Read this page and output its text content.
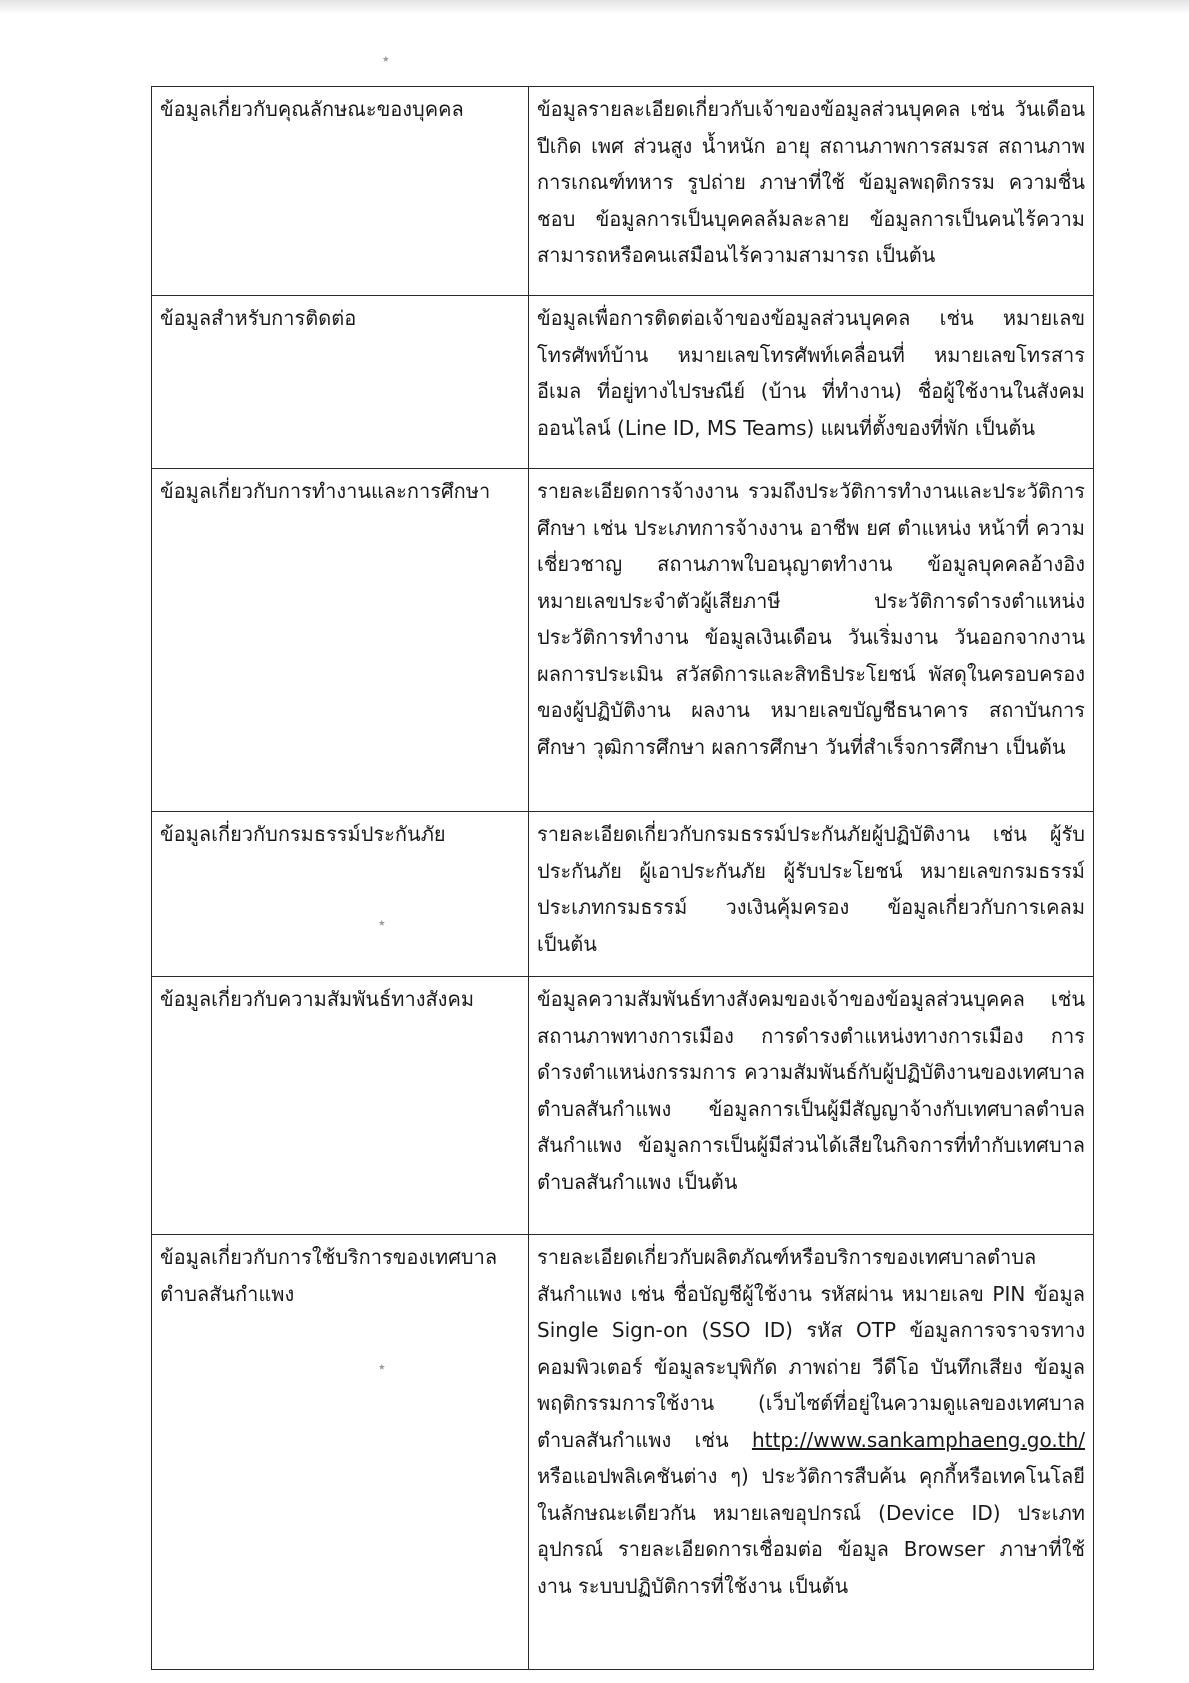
٭
٭
٭
ข้อมูลเกี่ยวกับคุณลักษณะของบุคคล	ข้อมูลรายละเอียดเกี่ยวกับเจ้าของข้อมูลส่วนบุคคล เช่น วันเดือนปีเกิด เพศ ส่วนสูง น้ำหนัก อายุ สถานภาพการสมรส สถานภาพ การเกณฑ์ทหาร รูปถ่าย ภาษาที่ใช้ ข้อมูลพฤติกรรม ความชื่นชอบ ข้อมูลการเป็นบุคคลล้มละลาย ข้อมูลการเป็นคนไร้ความสามารถหรือคนเสมือนไร้ความสามารถ เป็นต้น
ข้อมูลสำหรับการติดต่อ	ข้อมูลเพื่อการติดต่อเจ้าของข้อมูลส่วนบุคคล เช่น หมายเลขโทรศัพท์บ้าน หมายเลขโทรศัพท์เคลื่อนที่ หมายเลขโทรสาร อีเมล ที่อยู่ทางไปรษณีย์ (บ้าน ที่ทำงาน) ชื่อผู้ใช้งานในสังคมออนไลน์ (Line ID, MS Teams) แผนที่ตั้งของที่พัก เป็นต้น
ข้อมูลเกี่ยวกับการทำงานและการศึกษา	รายละเอียดการจ้างงาน รวมถึงประวัติการทำงานและประวัติการศึกษา เช่น ประเภทการจ้างงาน อาชีพ ยศ ตำแหน่ง หน้าที่ ความเชี่ยวชาญ สถานภาพใบอนุญาตทำงาน ข้อมูลบุคคลอ้างอิง หมายเลขประจำตัวผู้เสียภาษี ประวัติการดำรงตำแหน่ง ประวัติการทำงาน ข้อมูลเงินเดือน วันเริ่มงาน วันออกจากงาน ผลการประเมิน สวัสดิการและสิทธิประโยชน์ พัสดุในครอบครองของผู้ปฏิบัติงาน ผลงาน หมายเลขบัญชีธนาคาร สถาบันการศึกษา วุฒิการศึกษา ผลการศึกษา วันที่สำเร็จการศึกษา เป็นต้น
ข้อมูลเกี่ยวกับกรมธรรม์ประกันภัย	รายละเอียดเกี่ยวกับกรมธรรม์ประกันภัยผู้ปฏิบัติงาน เช่น ผู้รับประกันภัย ผู้เอาประกันภัย ผู้รับประโยชน์ หมายเลขกรมธรรม์ ประเภทกรมธรรม์ วงเงินคุ้มครอง ข้อมูลเกี่ยวกับการเคลม เป็นต้น
ข้อมูลเกี่ยวกับความสัมพันธ์ทางสังคม	ข้อมูลความสัมพันธ์ทางสังคมของเจ้าของข้อมูลส่วนบุคคล เช่น สถานภาพทางการเมือง การดำรงตำแหน่งทางการเมือง การดำรงตำแหน่งกรรมการ ความสัมพันธ์กับผู้ปฏิบัติงานของเทศบาลตำบลสันกำแพง ข้อมูลการเป็นผู้มีสัญญาจ้างกับเทศบาลตำบลสันกำแพง ข้อมูลการเป็นผู้มีส่วนได้เสียในกิจการที่ทำกับเทศบาลตำบลสันกำแพง เป็นต้น
ข้อมูลเกี่ยวกับการใช้บริการของเทศบาลตำบลสันกำแพง	รายละเอียดเกี่ยวกับผลิตภัณฑ์หรือบริการของเทศบาลตำบลสันกำแพง เช่น ชื่อบัญชีผู้ใช้งาน รหัสผ่าน หมายเลข PIN ข้อมูล Single Sign-on (SSO ID) รหัส OTP ข้อมูลการจราจรทางคอมพิวเตอร์ ข้อมูลระบุพิกัด ภาพถ่าย วีดีโอ บันทึกเสียง ข้อมูลพฤติกรรมการใช้งาน (เว็บไซต์ที่อยู่ในความดูแลของเทศบาลตำบลสันกำแพง เช่น http://www.sankamphaeng.go.th/ หรือแอปพลิเคชันต่าง ๆ) ประวัติการสืบค้น คุกกี้หรือเทคโนโลยีในลักษณะเดียวกัน หมายเลขอุปกรณ์ (Device ID) ประเภทอุปกรณ์ รายละเอียดการเชื่อมต่อ ข้อมูล Browser ภาษาที่ใช้งาน ระบบปฏิบัติการที่ใช้งาน เป็นต้น
